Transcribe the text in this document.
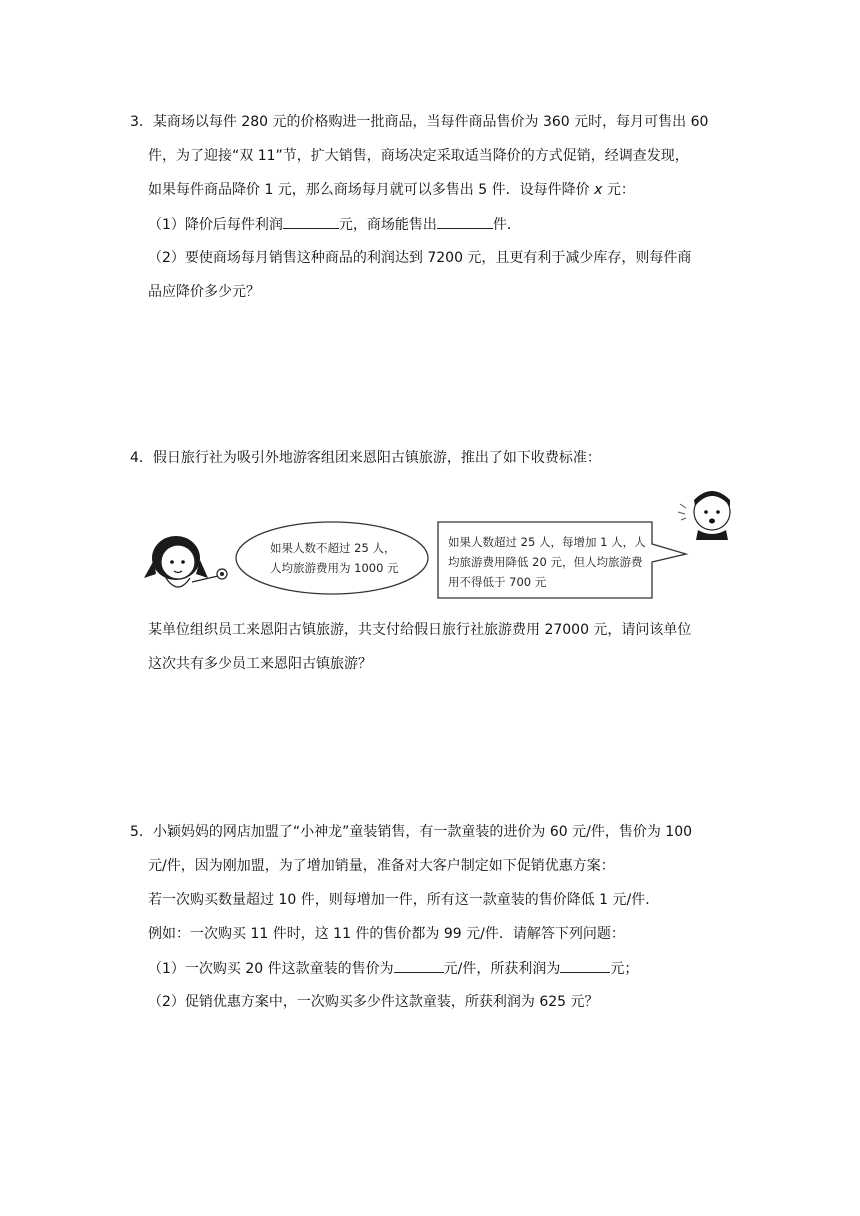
3．某商场以每件 280 元的价格购进一批商品，当每件商品售价为 360 元时，每月可售出 60
件，为了迎接“双 11”节，扩大销售，商场决定采取适当降价的方式促销，经调查发现，
如果每件商品降价 1 元，那么商场每月就可以多售出 5 件．设每件降价 x 元：
（1）降价后每件利润	元，商场能售出	件．
（2）要使商场每月销售这种商品的利润达到 7200 元，且更有利于减少库存，则每件商
品应降价多少元？
4．假日旅行社为吸引外地游客组团来恩阳古镇旅游，推出了如下收费标准：
如果人数不超过 25 人，
人均旅游费用为 1000 元
如果人数超过 25 人，每增加 1 人，人
均旅游费用降低 20 元，但人均旅游费
用不得低于 700 元
某单位组织员工来恩阳古镇旅游，共支付给假日旅行社旅游费用 27000 元，请问该单位
这次共有多少员工来恩阳古镇旅游？
5．小颖妈妈的网店加盟了“小神龙”童装销售，有一款童装的进价为 60 元/件，售价为 100
元/件，因为刚加盟，为了增加销量，准备对大客户制定如下促销优惠方案：
若一次购买数量超过 10 件，则每增加一件，所有这一款童装的售价降低 1 元/件．
例如：一次购买 11 件时，这 11 件的售价都为 99 元/件．请解答下列问题：
（1）一次购买 20 件这款童装的售价为	元/件，所获利润为	元；
（2）促销优惠方案中，一次购买多少件这款童装，所获利润为 625 元？
